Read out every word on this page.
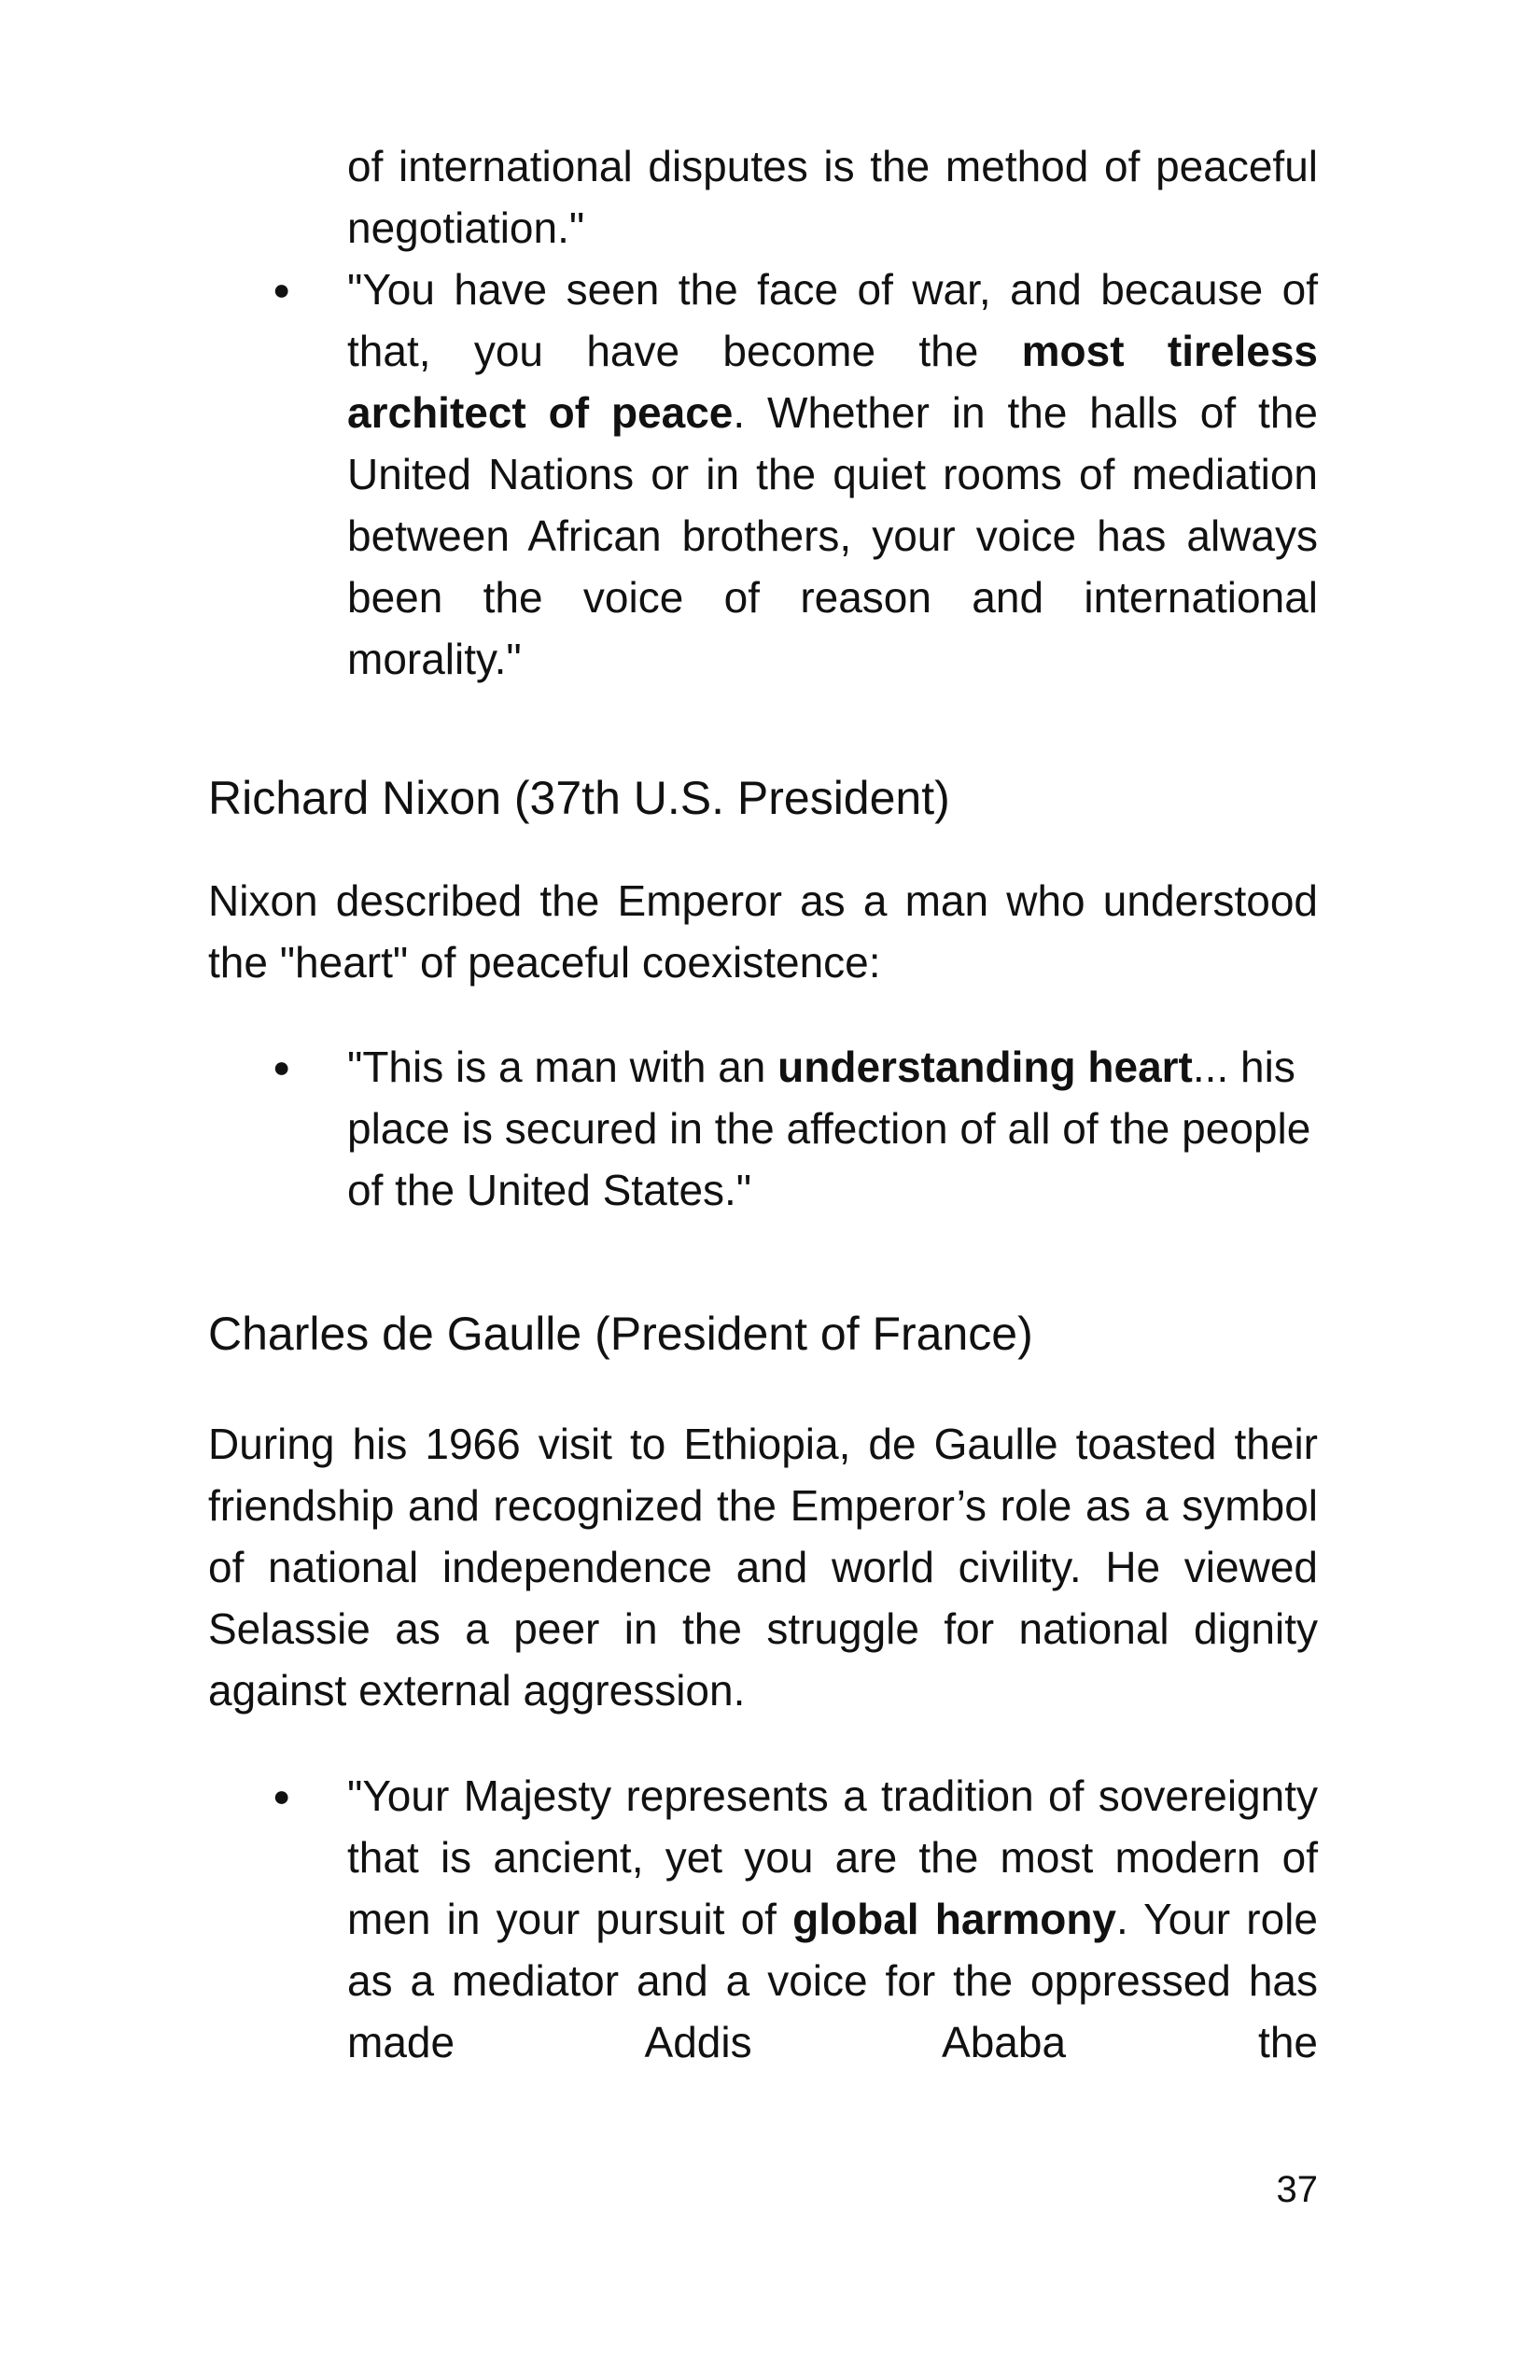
of international disputes is the method of peaceful negotiation."

● "You have seen the face of war, and because of that, you have become the most tireless architect of peace. Whether in the halls of the United Nations or in the quiet rooms of mediation between African brothers, your voice has always been the voice of reason and international morality."

Richard Nixon (37th U.S. President)

Nixon described the Emperor as a man who understood the "heart" of peaceful coexistence:

● "This is a man with an understanding heart... his place is secured in the affection of all of the people of the United States."

Charles de Gaulle (President of France)

During his 1966 visit to Ethiopia, de Gaulle toasted their friendship and recognized the Emperor’s role as a symbol of national independence and world civility. He viewed Selassie as a peer in the struggle for national dignity against external aggression.

● "Your Majesty represents a tradition of sovereignty that is ancient, yet you are the most modern of men in your pursuit of global harmony. Your role as a mediator and a voice for the oppressed has made Addis Ababa the

37
